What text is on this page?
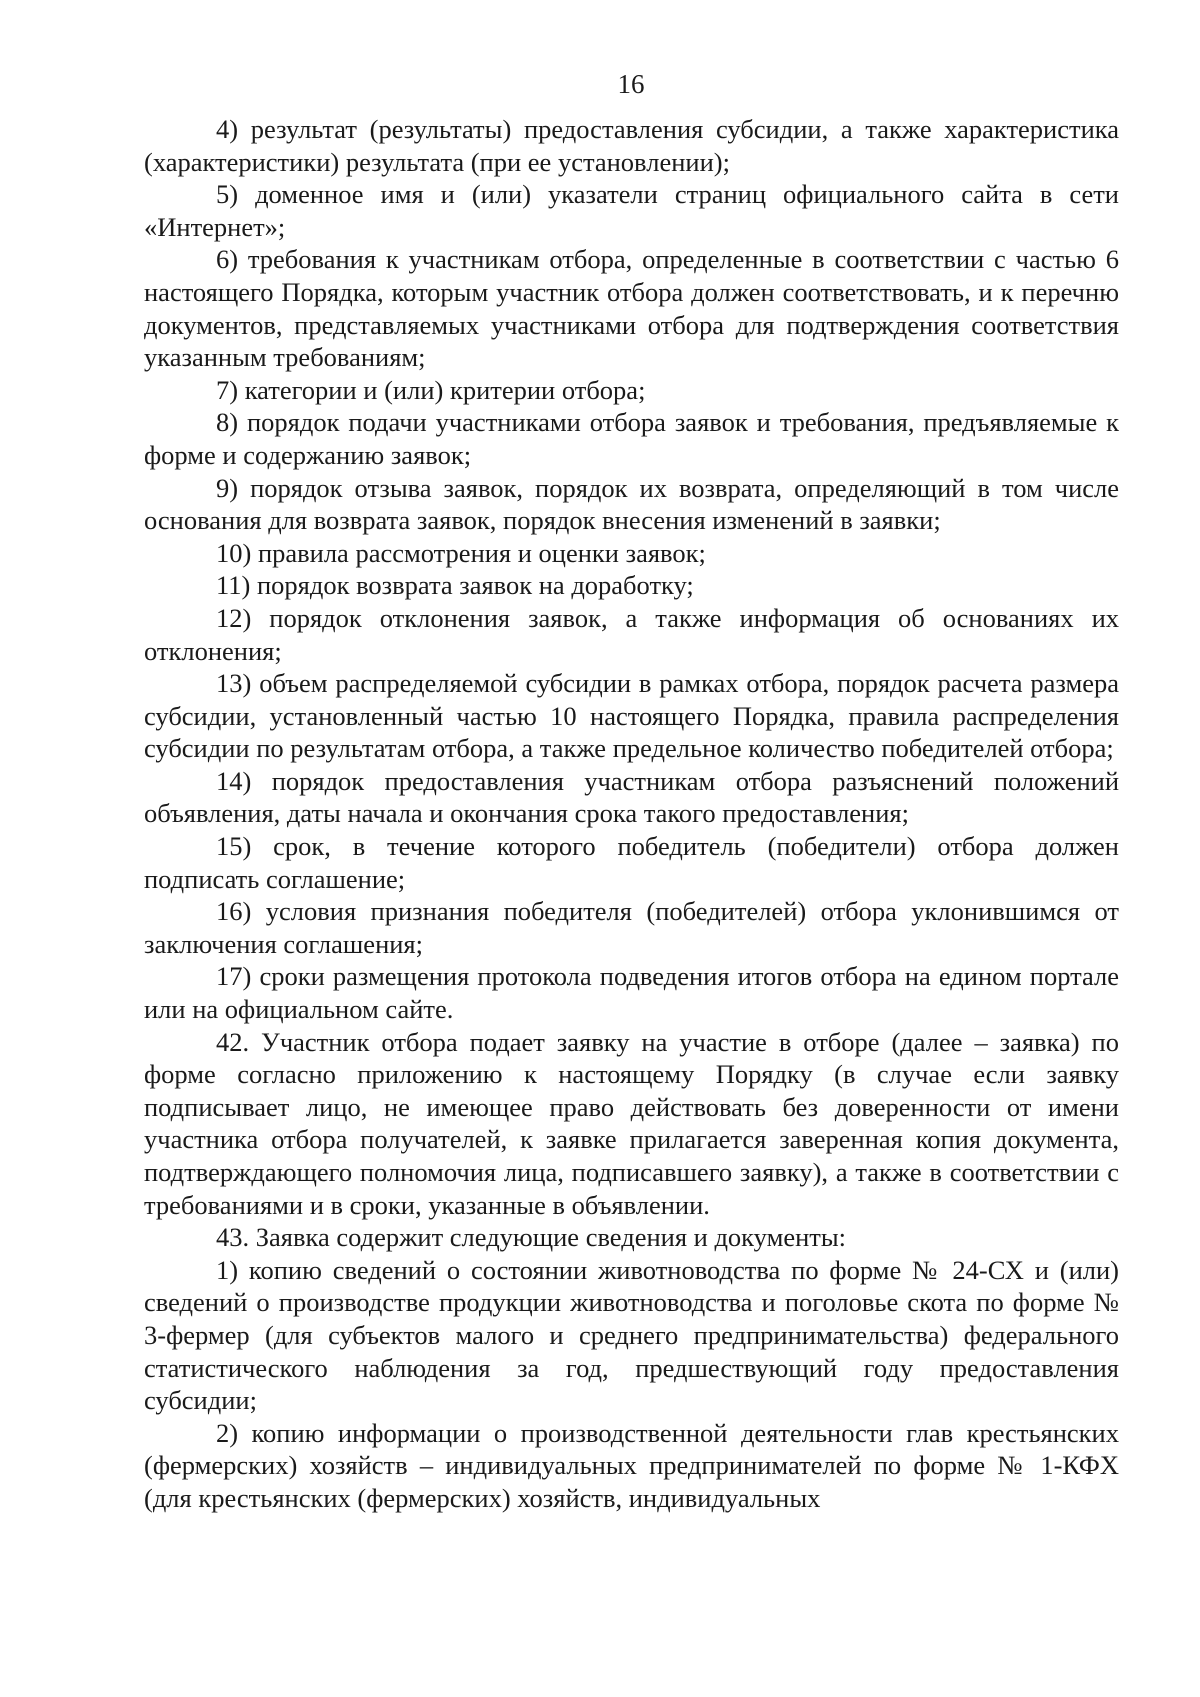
16

4) результат (результаты) предоставления субсидии, а также характеристика (характеристики) результата (при ее установлении);

5) доменное имя и (или) указатели страниц официального сайта в сети «Интернет»;

6) требования к участникам отбора, определенные в соответствии с частью 6 настоящего Порядка, которым участник отбора должен соответствовать, и к перечню документов, представляемых участниками отбора для подтверждения соответствия указанным требованиям;

7) категории и (или) критерии отбора;

8) порядок подачи участниками отбора заявок и требования, предъявляемые к форме и содержанию заявок;

9) порядок отзыва заявок, порядок их возврата, определяющий в том числе основания для возврата заявок, порядок внесения изменений в заявки;

10) правила рассмотрения и оценки заявок;

11) порядок возврата заявок на доработку;

12) порядок отклонения заявок, а также информация об основаниях их отклонения;

13) объем распределяемой субсидии в рамках отбора, порядок расчета размера субсидии, установленный частью 10 настоящего Порядка, правила распределения субсидии по результатам отбора, а также предельное количество победителей отбора;

14) порядок предоставления участникам отбора разъяснений положений объявления, даты начала и окончания срока такого предоставления;

15) срок, в течение которого победитель (победители) отбора должен подписать соглашение;

16) условия признания победителя (победителей) отбора уклонившимся от заключения соглашения;

17) сроки размещения протокола подведения итогов отбора на едином портале или на официальном сайте.

42. Участник отбора подает заявку на участие в отборе (далее – заявка) по форме согласно приложению к настоящему Порядку (в случае если заявку подписывает лицо, не имеющее право действовать без доверенности от имени участника отбора получателей, к заявке прилагается заверенная копия документа, подтверждающего полномочия лица, подписавшего заявку), а также в соответствии с требованиями и в сроки, указанные в объявлении.

43. Заявка содержит следующие сведения и документы:

1) копию сведений о состоянии животноводства по форме № 24-СХ и (или) сведений о производстве продукции животноводства и поголовье скота по форме № 3-фермер (для субъектов малого и среднего предпринимательства) федерального статистического наблюдения за год, предшествующий году предоставления субсидии;

2) копию информации о производственной деятельности глав крестьянских (фермерских) хозяйств – индивидуальных предпринимателей по форме № 1-КФХ (для крестьянских (фермерских) хозяйств, индивидуальных
